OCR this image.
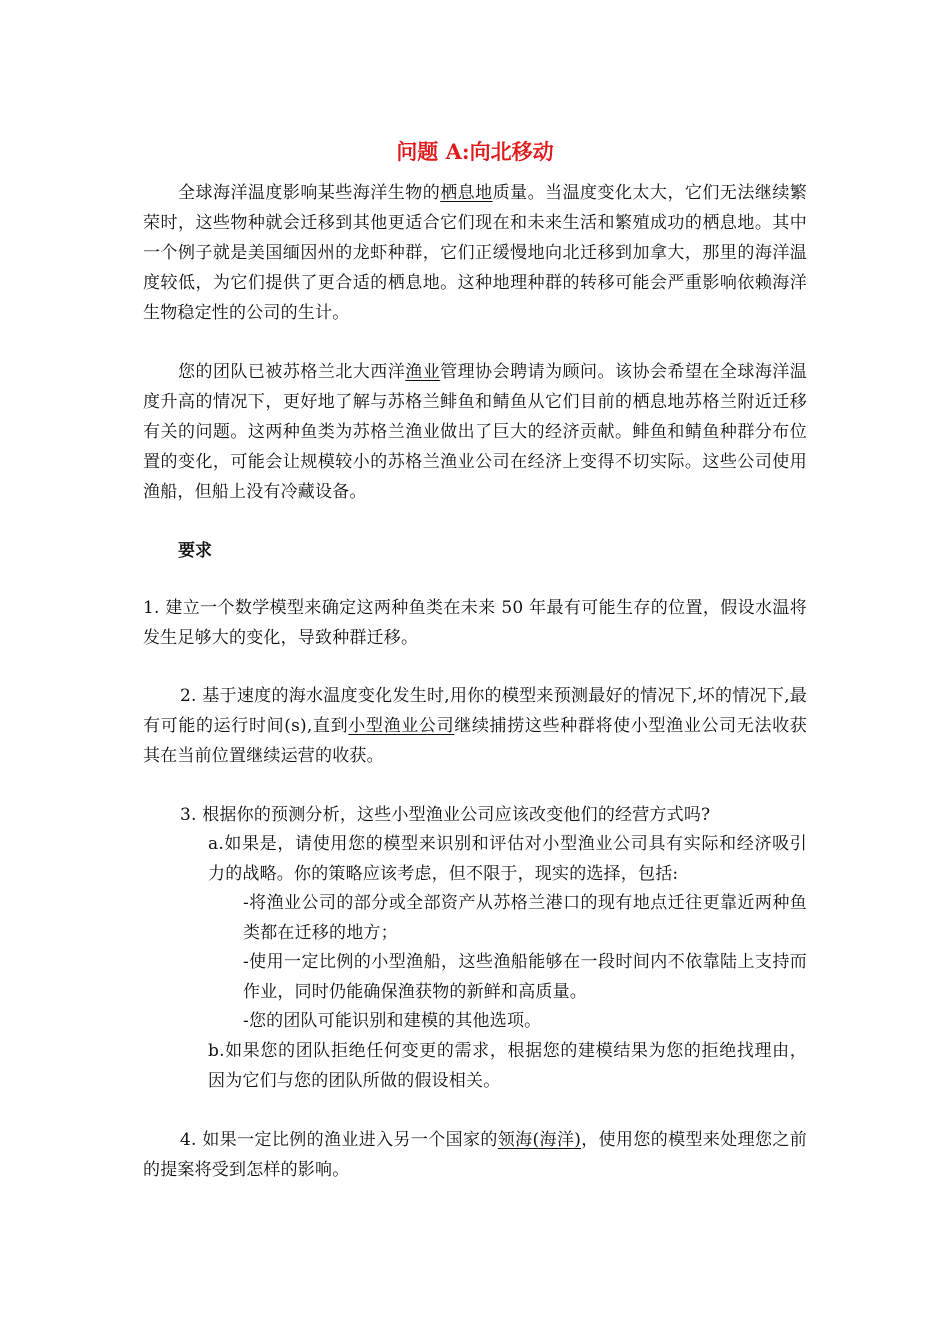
问题 A:向北移动

全球海洋温度影响某些海洋生物的栖息地质量。当温度变化太大，它们无法继续繁荣时，这些物种就会迁移到其他更适合它们现在和未来生活和繁殖成功的栖息地。其中一个例子就是美国缅因州的龙虾种群，它们正缓慢地向北迁移到加拿大，那里的海洋温度较低，为它们提供了更合适的栖息地。这种地理种群的转移可能会严重影响依赖海洋生物稳定性的公司的生计。

您的团队已被苏格兰北大西洋渔业管理协会聘请为顾问。该协会希望在全球海洋温度升高的情况下，更好地了解与苏格兰鲱鱼和鲭鱼从它们目前的栖息地苏格兰附近迁移有关的问题。这两种鱼类为苏格兰渔业做出了巨大的经济贡献。鲱鱼和鲭鱼种群分布位置的变化，可能会让规模较小的苏格兰渔业公司在经济上变得不切实际。这些公司使用渔船，但船上没有冷藏设备。

要求

1. 建立一个数学模型来确定这两种鱼类在未来 50 年最有可能生存的位置，假设水温将发生足够大的变化，导致种群迁移。

2. 基于速度的海水温度变化发生时,用你的模型来预测最好的情况下,坏的情况下,最有可能的运行时间(s),直到小型渔业公司继续捕捞这些种群将使小型渔业公司无法收获其在当前位置继续运营的收获。

3. 根据你的预测分析，这些小型渔业公司应该改变他们的经营方式吗?

a.如果是，请使用您的模型来识别和评估对小型渔业公司具有实际和经济吸引力的战略。你的策略应该考虑，但不限于，现实的选择，包括:

-将渔业公司的部分或全部资产从苏格兰港口的现有地点迁往更靠近两种鱼类都在迁移的地方；

-使用一定比例的小型渔船，这些渔船能够在一段时间内不依靠陆上支持而作业，同时仍能确保渔获物的新鲜和高质量。

-您的团队可能识别和建模的其他选项。

b.如果您的团队拒绝任何变更的需求，根据您的建模结果为您的拒绝找理由，因为它们与您的团队所做的假设相关。

4. 如果一定比例的渔业进入另一个国家的领海(海洋)，使用您的模型来处理您之前的提案将受到怎样的影响。
